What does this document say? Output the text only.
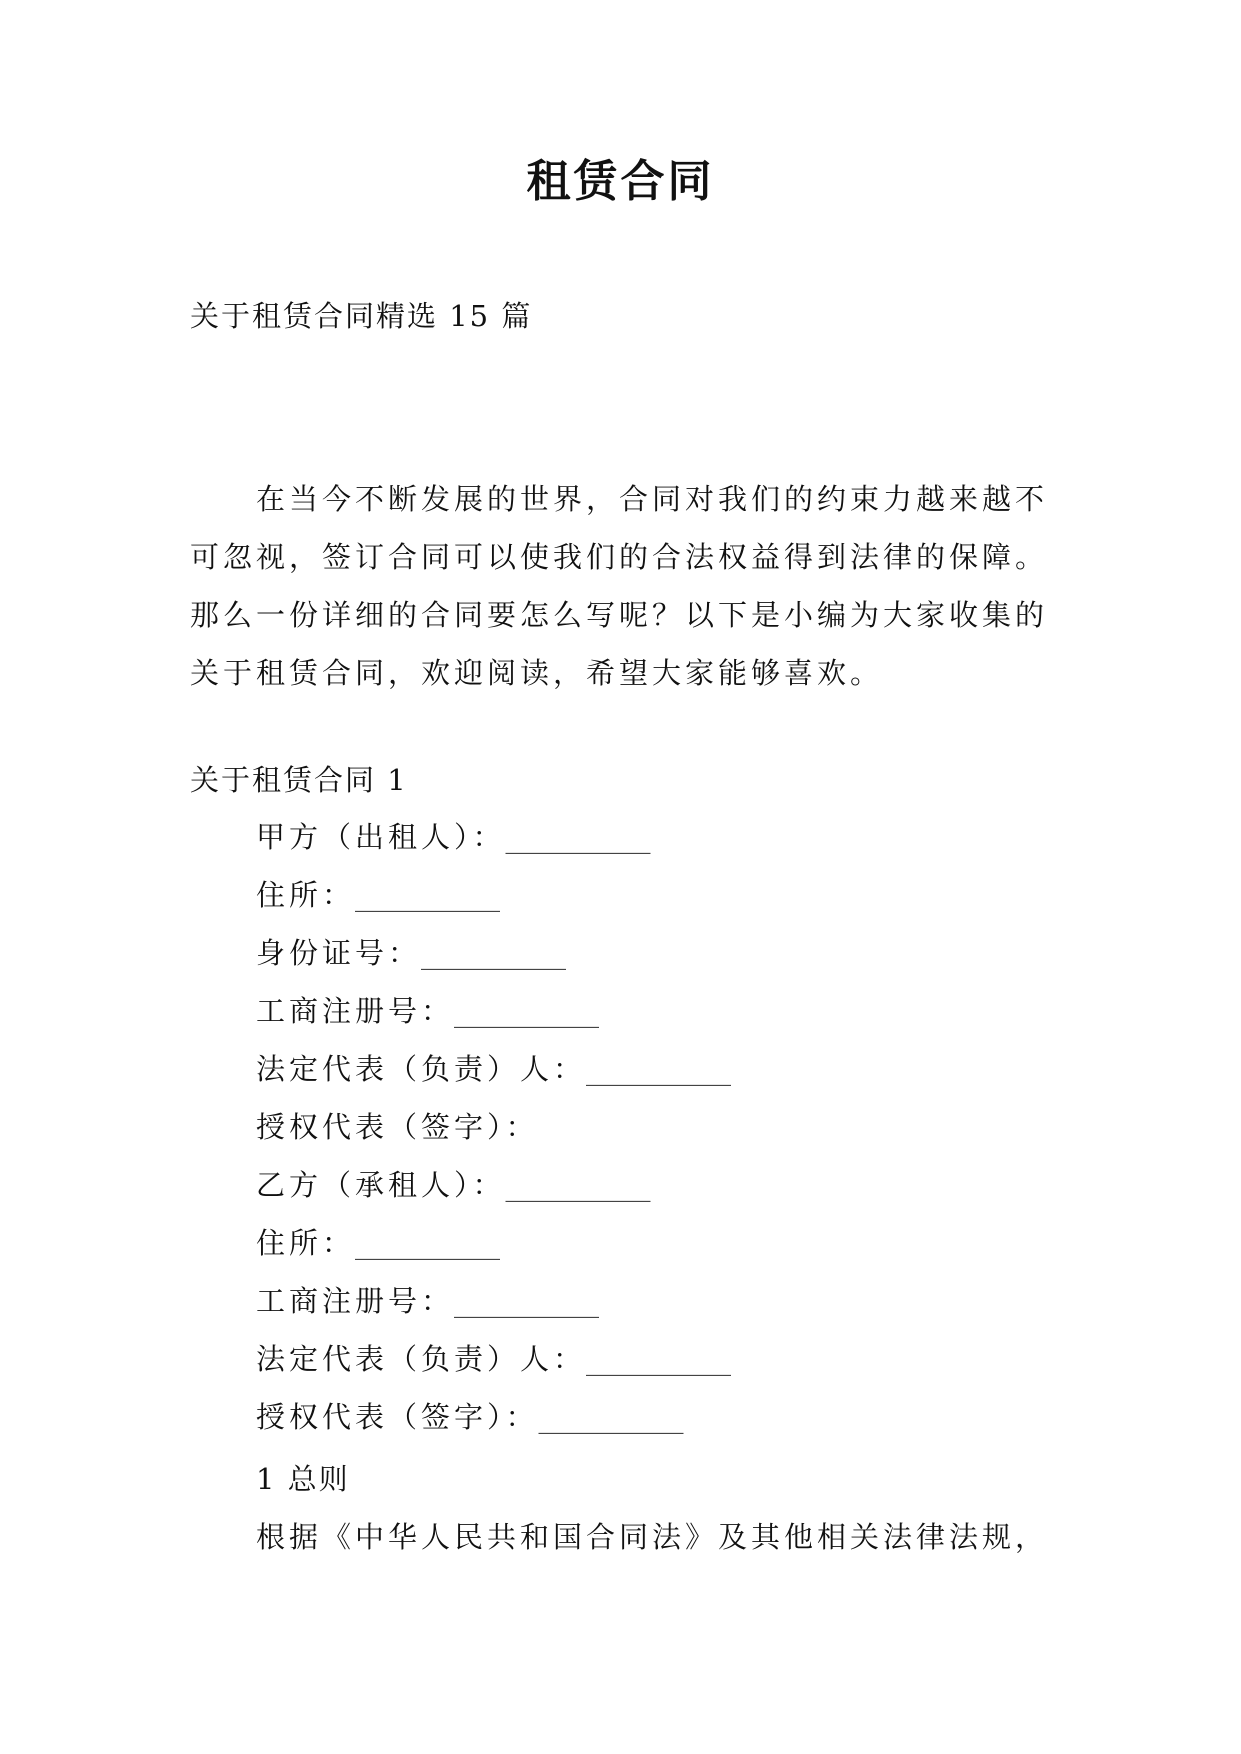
租赁合同
关于租赁合同精选 15 篇

在当今不断发展的世界，合同对我们的约束力越来越不可忽视，签订合同可以使我们的合法权益得到法律的保障。那么一份详细的合同要怎么写呢？以下是小编为大家收集的关于租赁合同，欢迎阅读，希望大家能够喜欢。

关于租赁合同 1
甲方（出租人）：__________
住所：__________
身份证号：__________
工商注册号：__________
法定代表（负责）人：__________
授权代表（签字）：
乙方（承租人）：__________
住所：__________
工商注册号：__________
法定代表（负责）人：__________
授权代表（签字）：__________
1 总则
根据《中华人民共和国合同法》及其他相关法律法规，
